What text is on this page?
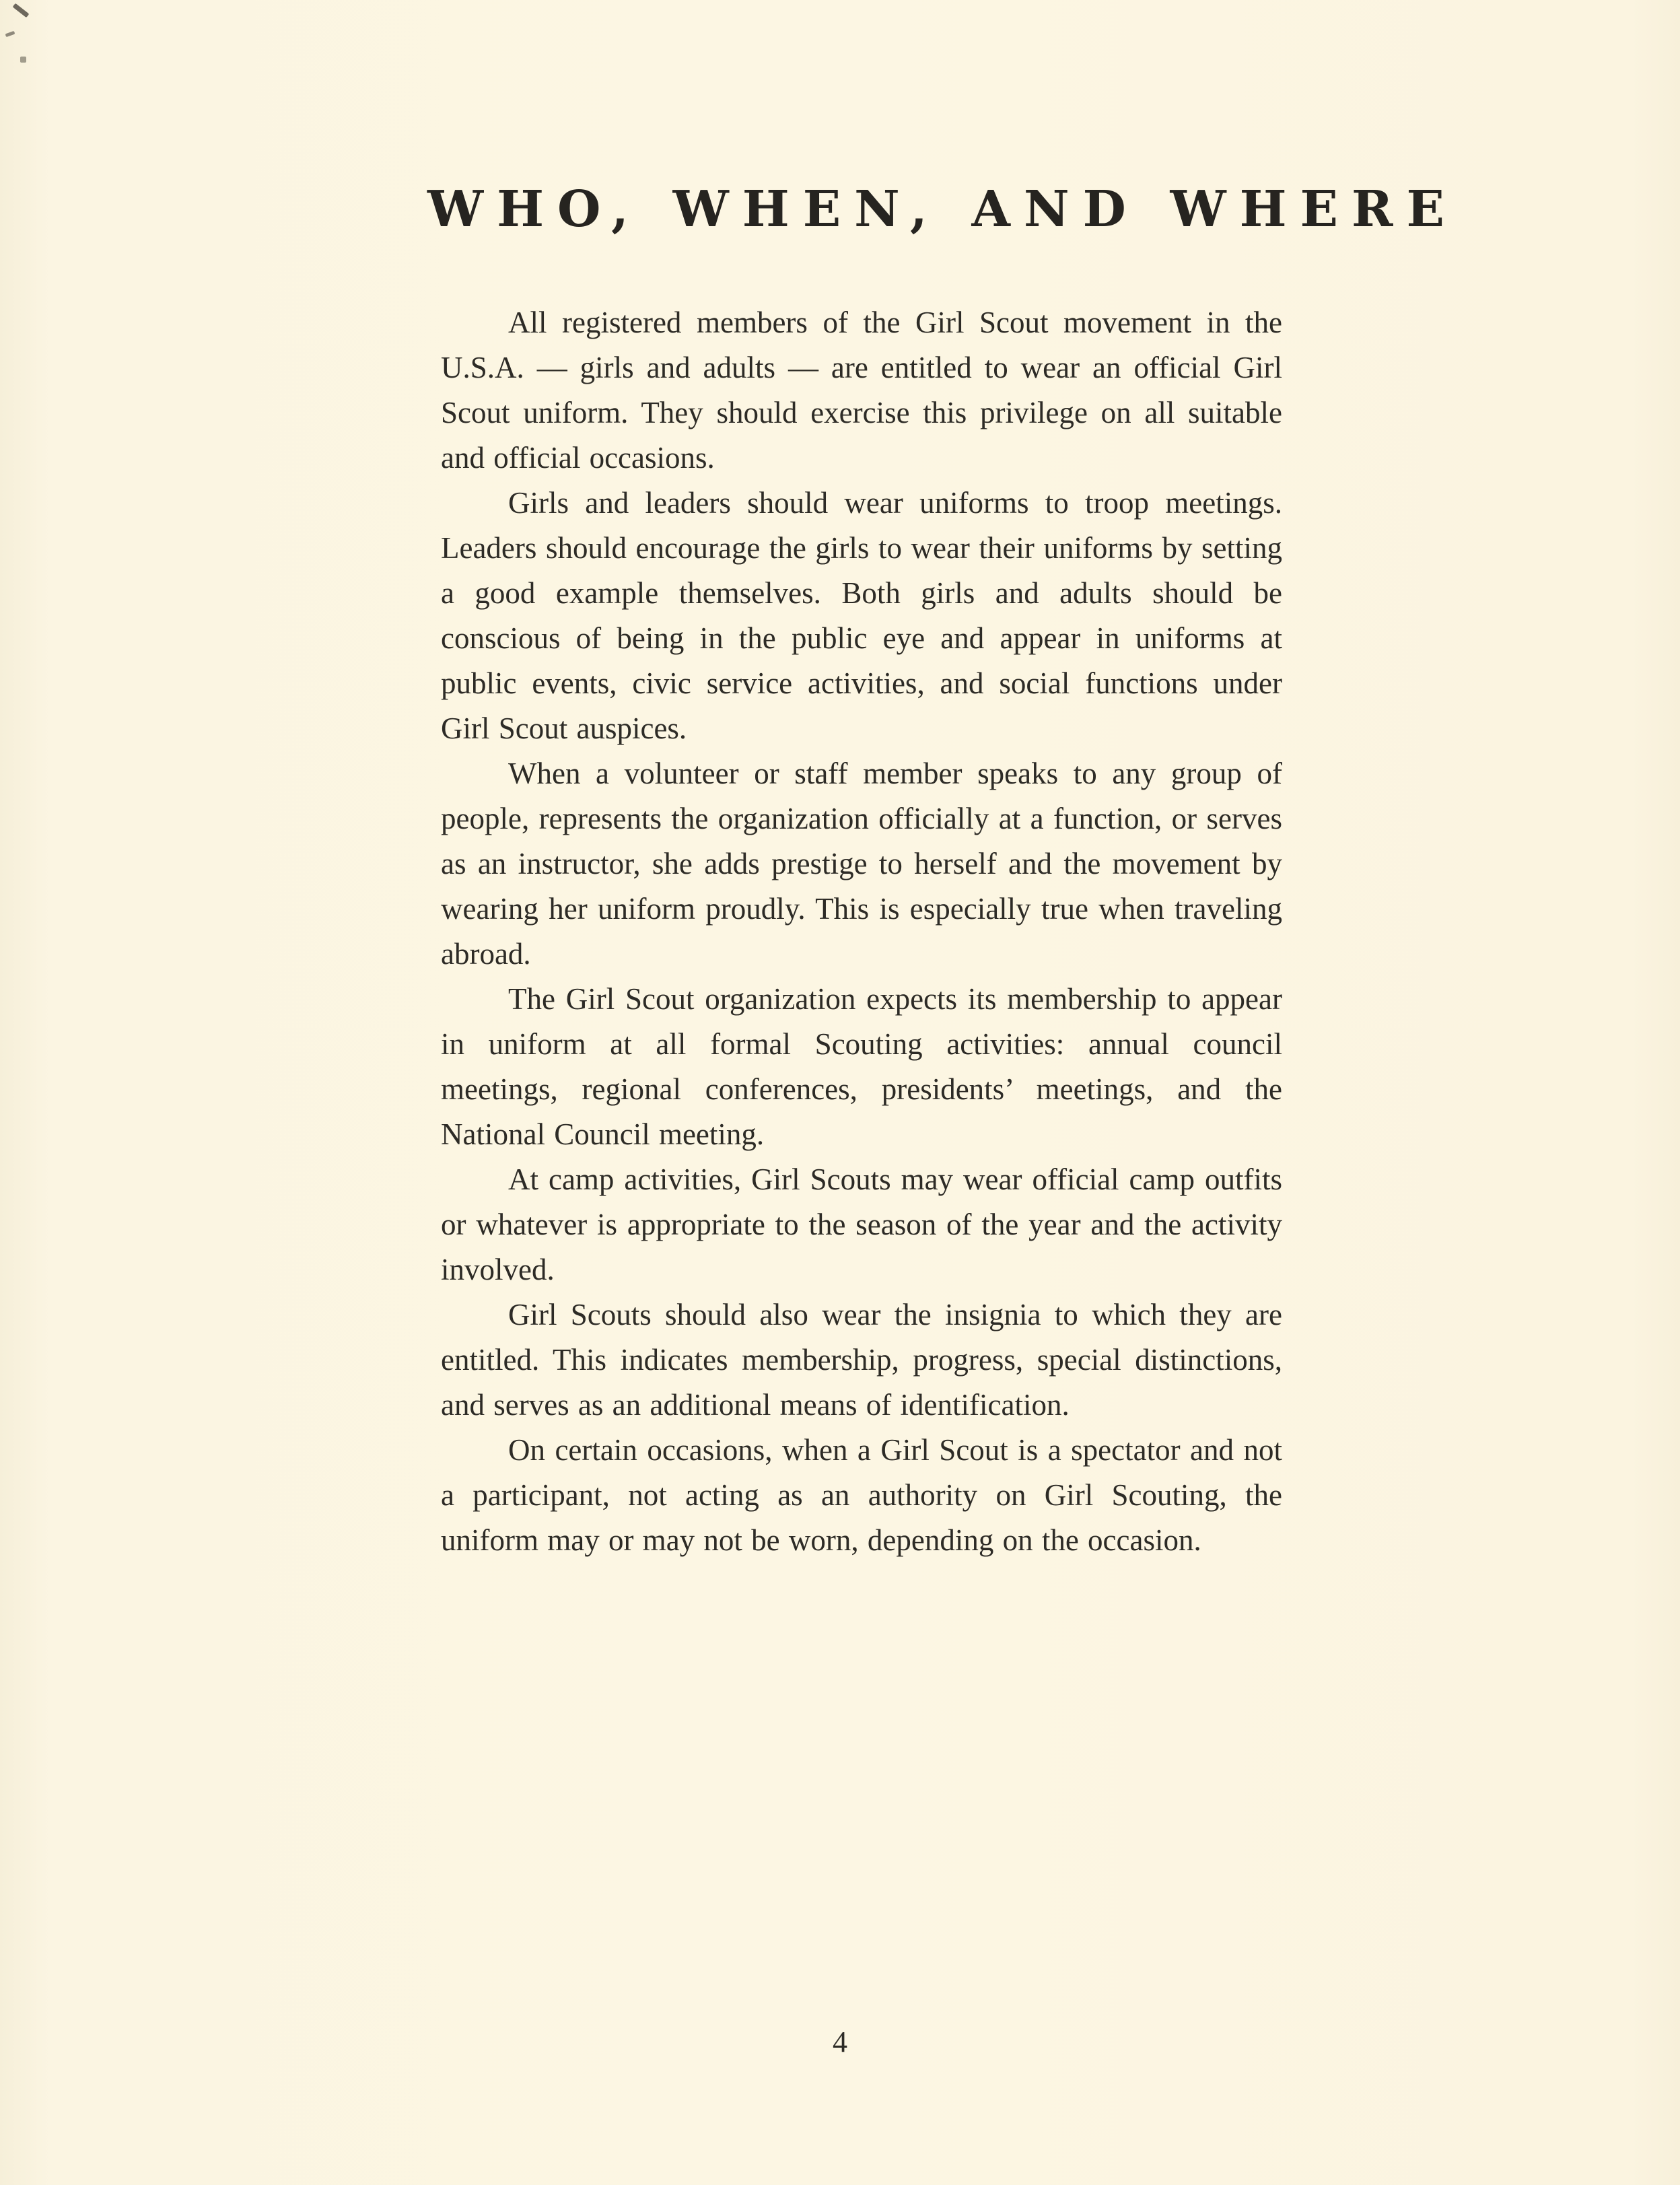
WHO, WHEN, AND WHERE

All registered members of the Girl Scout movement in the U.S.A. — girls and adults — are entitled to wear an official Girl Scout uniform. They should exercise this privilege on all suitable and official occasions.

Girls and leaders should wear uniforms to troop meetings. Leaders should encourage the girls to wear their uniforms by setting a good example themselves. Both girls and adults should be conscious of being in the public eye and appear in uniforms at public events, civic service activities, and social functions under Girl Scout auspices.

When a volunteer or staff member speaks to any group of people, represents the organization officially at a function, or serves as an instructor, she adds prestige to herself and the movement by wearing her uniform proudly. This is especially true when traveling abroad.

The Girl Scout organization expects its membership to appear in uniform at all formal Scouting activities: annual council meetings, regional conferences, presidents’ meetings, and the National Council meeting.

At camp activities, Girl Scouts may wear official camp outfits or whatever is appropriate to the season of the year and the activity involved.

Girl Scouts should also wear the insignia to which they are entitled. This indicates membership, progress, special distinctions, and serves as an additional means of identification.

On certain occasions, when a Girl Scout is a spectator and not a participant, not acting as an authority on Girl Scouting, the uniform may or may not be worn, depending on the occasion.

4
